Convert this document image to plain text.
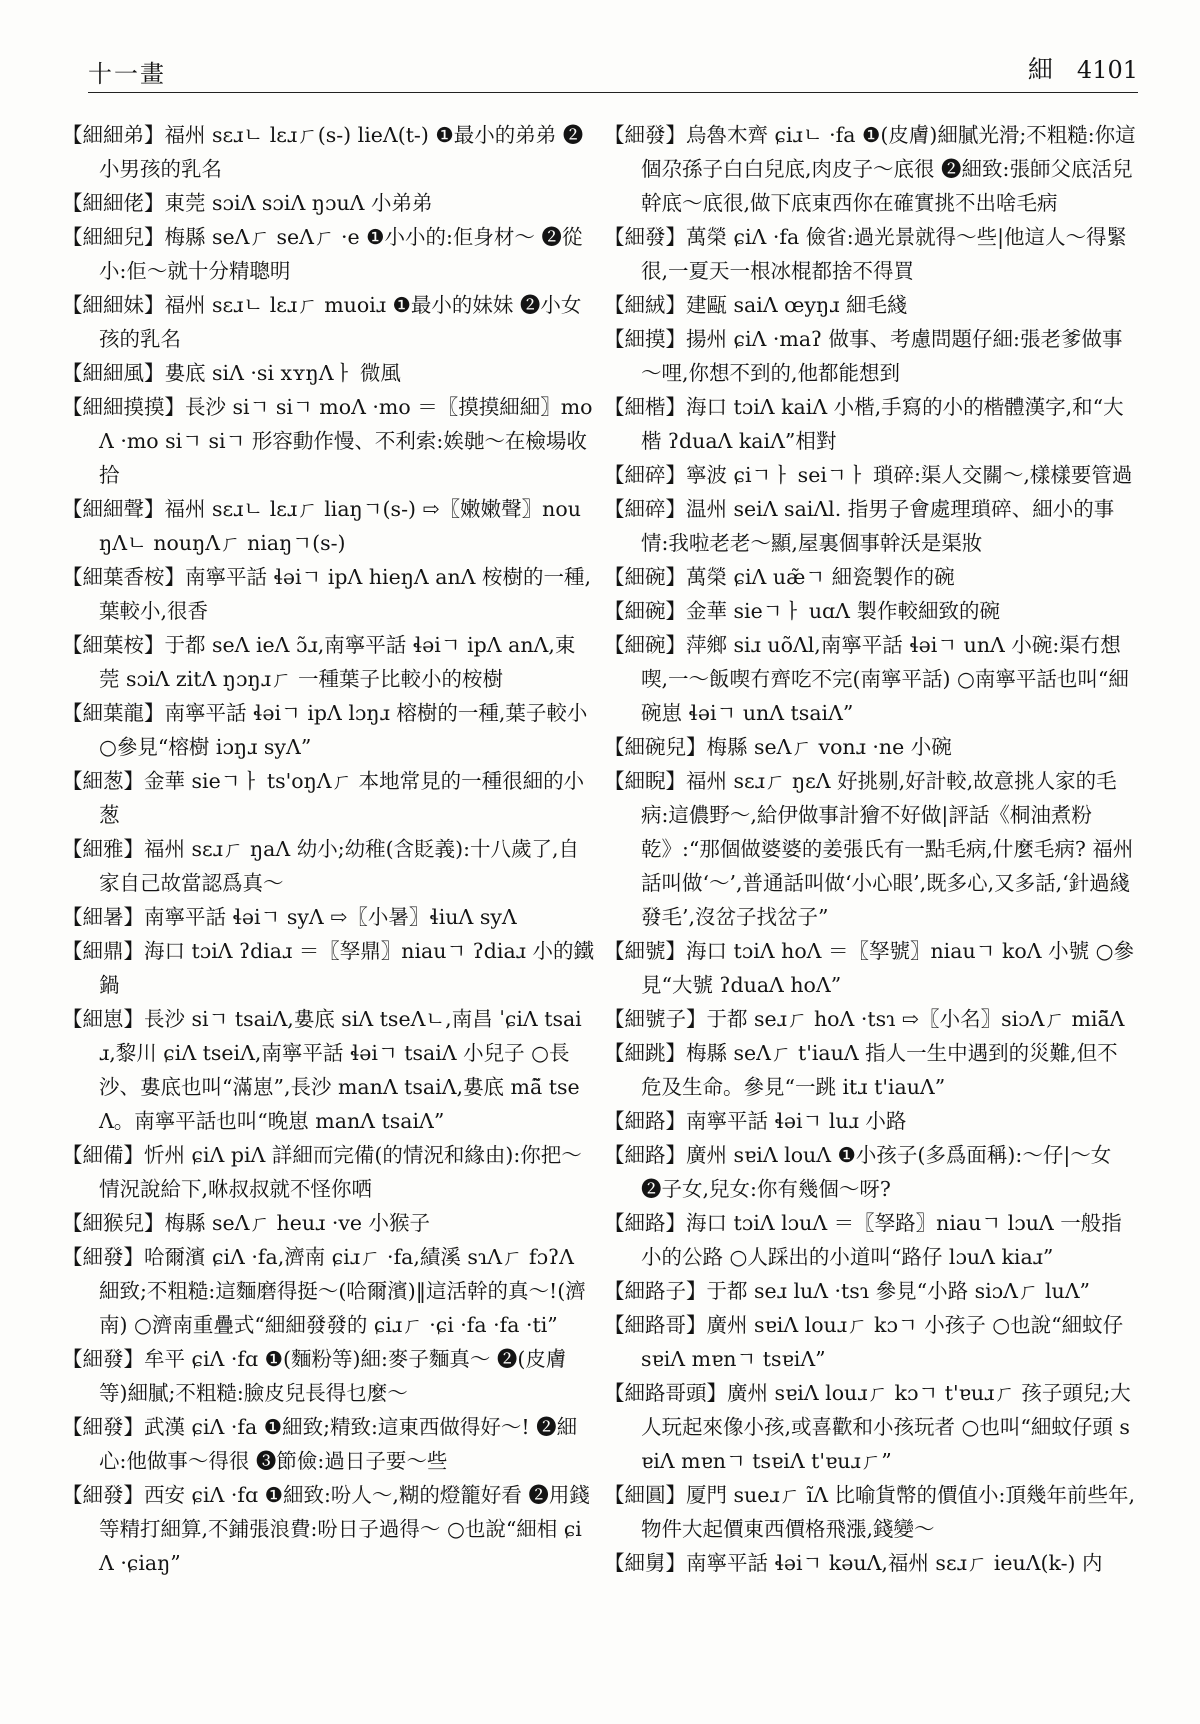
十一畫	細 4101

【細細弟】福州 sɛɹㄴ lɛɹㄏ(s-) lieɅ(t-) ❶最小的弟弟 ❷小男孩的乳名

【細細佬】東莞 sɔiɅ sɔiɅ ŋɔuɅ 小弟弟

【細細兒】梅縣 seɅㄏ seɅㄏ ·e ❶小小的:佢身材～ ❷從小:佢～就十分精聰明

【細細妹】福州 sɛɹㄴ lɛɹㄏ muoiɹ ❶最小的妹妹 ❷小女孩的乳名

【細細風】婁底 siɅ ·si xʏŋɅㅏ 微風

【細細摸摸】長沙 siㄱ siㄱ moɅ ·mo ＝〖摸摸細細〗moɅ ·mo siㄱ siㄱ 形容動作慢、不利索:娭毑～在檢場收拾

【細細聲】福州 sɛɹㄴ lɛɹㄏ liaŋㄱ(s-) ⇨〖嫩嫩聲〗nouŋɅㄴ nouŋɅㄏ niaŋㄱ(s-)

【細葉香桉】南寧平話 ɬəiㄱ ipɅ hieŋɅ anɅ 桉樹的一種,葉較小,很香

【細葉桉】于都 seɅ ieɅ ɔ̃ɹ,南寧平話 ɬəiㄱ ipɅ anɅ,東莞 sɔiɅ zitɅ ŋɔŋɹㄏ 一種葉子比較小的桉樹

【細葉龍】南寧平話 ɬəiㄱ ipɅ lɔŋɹ 榕樹的一種,葉子較小 ○參見“榕樹 iɔŋɹ syɅ”

【細葱】金華 sieㄱㅏ ts'oŋɅㄏ 本地常見的一種很細的小葱

【細雅】福州 sɛɹㄏ ŋaɅ 幼小;幼稚(含貶義):十八歲了,自家自己故當認爲真～

【細暑】南寧平話 ɬəiㄱ syɅ ⇨〖小暑〗ɬiuɅ syɅ

【細鼎】海口 tɔiɅ ʔdiaɹ ＝〖孥鼎〗niauㄱ ʔdiaɹ 小的鐵鍋

【細崽】長沙 siㄱ tsaiɅ,婁底 siɅ tseɅㄴ,南昌 ˈɕiɅ tsaiɹ,黎川 ɕiɅ tseiɅ,南寧平話 ɬəiㄱ tsaiɅ 小兒子 ○長沙、婁底也叫“滿崽”,長沙 manɅ tsaiɅ,婁底 mã̃ tseɅ。南寧平話也叫“晚崽 manɅ tsaiɅ”

【細備】忻州 ɕiɅ piɅ 詳細而完備(的情況和緣由):你把～情況說給下,咻叔叔就不怪你哂

【細猴兒】梅縣 seɅㄏ heuɹ ·ve 小猴子

【細發】哈爾濱 ɕiɅ ·fa,濟南 ɕiɹㄏ ·fa,績溪 sɿɅㄏ fɔʔɅ 細致;不粗糙:這麵磨得挺～(哈爾濱)‖這活幹的真～!(濟南) ○濟南重疊式“細細發發的 ɕiɹㄏ ·ɕi ·fa ·fa ·ti”

【細發】牟平 ɕiɅ ·fɑ ❶(麵粉等)細:麥子麵真～ ❷(皮膚等)細膩;不粗糙:臉皮兒長得乜麼～

【細發】武漢 ɕiɅ ·fa ❶細致;精致:這東西做得好～! ❷細心:他做事～得很 ❸節儉:過日子要～些

【細發】西安 ɕiɅ ·fɑ ❶細致:吩人～,糊的燈籠好看 ❷用錢等精打細算,不鋪張浪費:吩日子過得～ ○也說“細相 ɕiɅ ·ɕiaŋ”

【細發】烏魯木齊 ɕiɹㄴ ·fa ❶(皮膚)細膩光滑;不粗糙:你這個尕孫子白白兒底,肉皮子～底很 ❷細致:張師父底活兒幹底～底很,做下底東西你在確實挑不出啥毛病

【細發】萬榮 ɕiɅ ·fa 儉省:過光景就得～些|他這人～得緊很,一夏天一根冰棍都捨不得買

【細絨】建甌 saiɅ œyŋɹ 細毛綫

【細摸】揚州 ɕiɅ ·maʔ 做事、考慮問題仔細:張老爹做事～哩,你想不到的,他都能想到

【細楷】海口 tɔiɅ kaiɅ 小楷,手寫的小的楷體漢字,和“大楷 ʔduaɅ kaiɅ”相對

【細碎】寧波 ɕiㄱㅏ seiㄱㅏ 瑣碎:渠人交關～,樣樣要管過

【細碎】温州 seiɅ saiɅl. 指男子會處理瑣碎、細小的事情:我啦老老～顯,屋裏個事幹沃是渠妝

【細碗】萬榮 ɕiɅ uæ̃ㄱ 細瓷製作的碗

【細碗】金華 sieㄱㅏ uɑɅ 製作較細致的碗

【細碗】萍鄉 siɹ uõɅl,南寧平話 ɬəiㄱ unɅ 小碗:渠冇想喫,一～飯喫冇齊吃不完(南寧平話) ○南寧平話也叫“細碗崽 ɬəiㄱ unɅ tsaiɅ”

【細碗兒】梅縣 seɅㄏ vonɹ ·ne 小碗

【細睨】福州 sɛɹㄏ ŋɛɅ 好挑剔,好計較,故意挑人家的毛病:這儂野～,給伊做事計獪不好做|評話《桐油煮粉乾》:“那個做婆婆的姜張氏有一點毛病,什麼毛病? 福州話叫做‘～’,普通話叫做‘小心眼’,既多心,又多話,‘針過綫發毛’,沒岔子找岔子”

【細號】海口 tɔiɅ hoɅ ＝〖孥號〗niauㄱ koɅ 小號 ○參見“大號 ʔduaɅ hoɅ”

【細號子】于都 seɹㄏ hoɅ ·tsɿ ⇨〖小名〗siɔɅㄏ miã̃Ʌ

【細跳】梅縣 seɅㄏ t'iauɅ 指人一生中遇到的災難,但不危及生命。參見“一跳 itɹ t'iauɅ”

【細路】南寧平話 ɬəiㄱ luɹ 小路

【細路】廣州 sɐiɅ louɅ ❶小孩子(多爲面稱):～仔|～女 ❷子女,兒女:你有幾個～呀?

【細路】海口 tɔiɅ lɔuɅ ＝〖孥路〗niauㄱ lɔuɅ 一般指小的公路 ○人踩出的小道叫“路仔 lɔuɅ kiaɹ”

【細路子】于都 seɹ luɅ ·tsɿ 參見“小路 siɔɅㄏ luɅ”

【細路哥】廣州 sɐiɅ louɹㄏ kɔㄱ 小孩子 ○也說“細蚊仔 sɐiɅ mɐnㄱ tsɐiɅ”

【細路哥頭】廣州 sɐiɅ louɹㄏ kɔㄱ t'ɐuɹㄏ 孩子頭兒;大人玩起來像小孩,或喜歡和小孩玩者 ○也叫“細蚊仔頭 sɐiɅ mɐnㄱ tsɐiɅ t'ɐuɹㄏ”

【細圓】厦門 sueɹㄏ ĩɅ 比喻貨幣的價值小:頂幾年前些年,物件大起價東西價格飛漲,錢變～

【細舅】南寧平話 ɬəiㄱ kəuɅ,福州 sɛɹㄏ ieuɅ(k-) 内
